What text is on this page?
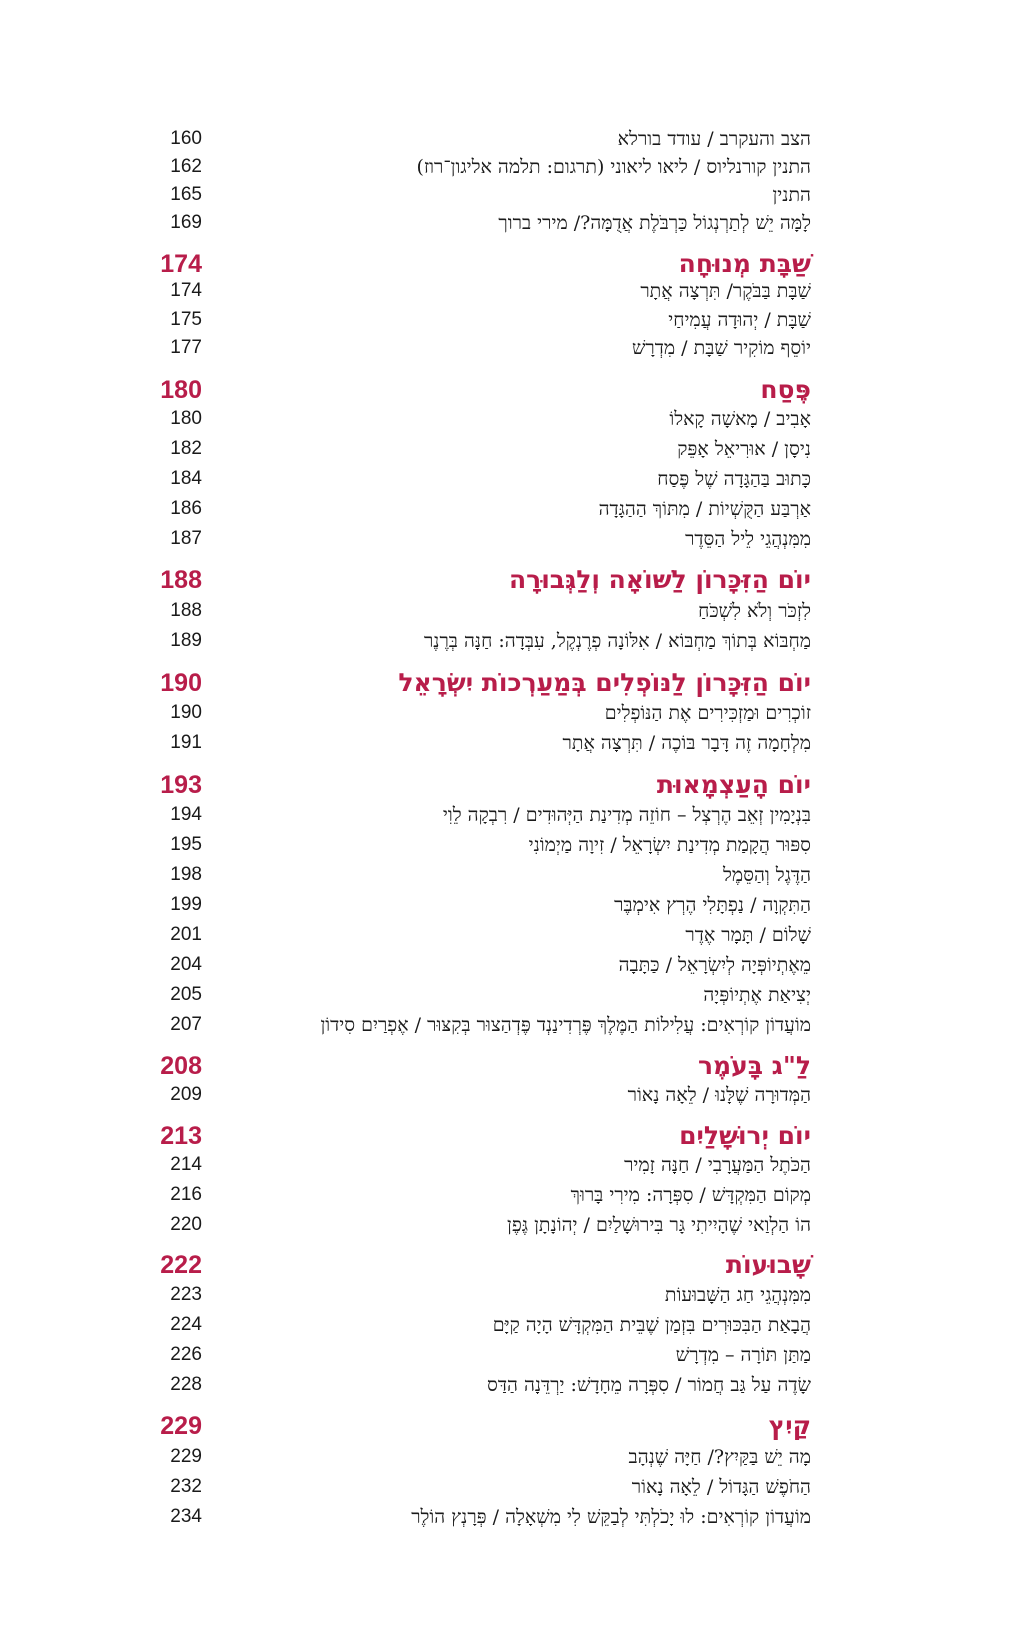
הצב והעקרב / עודד בורלא
160
התנין קורנליוס / ליאו ליאוני (תרגום: תלמה אליגון־רוז)
162
התנין
165
לָמָּה יֵשׁ לְתַרְנְגוֹל כַּרְבֹּלֶת אֲדֻמָּה?/ מירי ברוך
169
שַׁבָּת מְנוּחָה
174
שַׁבָּת בַּבֹּקֶר/ תִּרְצָה אֲתָר
174
שַׁבָּת / יְהוּדָה עֲמִיחַי
175
יוֹסֵף מוֹקִיר שַׁבָּת / מִדְרָשׁ
177
פֶּסַח
180
אָבִיב / מָאשָׁה קָאלוֹ
180
נִיסָן / אוּרִיאֵל אָפֵּק
182
כָּתוּב בַּהַגָּדָה שֶׁל פֶּסַח
184
אַרְבַּע הַקֻּשְׁיוֹת / מִתּוֹךְ הַהַגָּדָה
186
מִמִּנְהֲגֵי לֵיל הַסֵּדֶר
187
יוֹם הַזִּכָּרוֹן לַשּׁוֹאָה וְלַגְּבוּרָה
188
לִזְכֹּר וְלֹא לִשְׁכֹּחַ
188
מַחְבּוֹא בְּתוֹךְ מַחְבּוֹא / אִלּוֹנָה פְרֶנְקֶל, עִבְּדָה: חַנָּה בְּרֶנֶר
189
יוֹם הַזִּכָּרוֹן לַנּוֹפְלִים בְּמַעַרְכוֹת יִשְׂרָאֵל
190
זוֹכְרִים וּמַזְכִּירִים אֶת הַנּוֹפְלִים
190
מִלְחָמָה זֶה דָּבָר בּוֹכֶה / תִּרְצָה אֲתָר
191
יוֹם הָעַצְמָאוּת
193
בִּנְיָמִין זְאֵב הֶרְצְל – חוֹזֵה מְדִינַת הַיְּהוּדִים / רִבְקָה לֵוִי
194
סִפּוּר הֲקָמַת מְדִינַת יִשְׂרָאֵל / זִיוָה מַיְמוֹנִי
195
הַדֶּגֶל וְהַסֵּמֶל
198
הַתִּקְוָה / נַפְתָּלִי הֶרְץ אִימְבֶּר
199
שָׁלוֹם / תָּמָר אֶדֶר
201
מֵאֶתְיוֹפְּיָה לְיִשְׂרָאֵל / כַּתָּבָה
204
יְצִיאַת אֶתְיוֹפְּיָה
205
מוֹעֲדוֹן קוֹרְאִים: עֲלִילוֹת הַמֶּלֶךְ פֶּרְדִינַנְד פֶּדְהַצוּר בְּקִצּוּר / אֶפְרַיִם סִידוֹן
207
לַ"ג בָּעֹמֶר
208
הַמְּדוּרָה שֶׁלָּנוּ / לֵאָה נָאוֹר
209
יוֹם יְרוּשָׁלַיִם
213
הַכֹּתֶל הַמַּעֲרָבִי / חַנָּה זָמִיר
214
מְקוֹם הַמִּקְדָּשׁ / סִפְּרָה: מִירִי בָּרוּךְ
216
הוֹ הַלְוַאי שֶׁהָיִיתִי גָּר בִּירוּשָׁלַיִם / יְהוֹנָתָן גֶּפֶן
220
שָׁבוּעוֹת
222
מִמִּנְהֲגֵי חַג הַשָּׁבוּעוֹת
223
הֲבָאַת הַבִּכּוּרִים בִּזְמַן שֶׁבֵּית הַמִּקְדָּשׁ הָיָה קַיָּם
224
מַתַּן תּוֹרָה – מִדְרָשׁ
226
שָׂדֶה עַל גַּב חֲמוֹר / סִפְּרָה מֵחָדָשׁ: יַרְדֵּנָה הַדַּס
228
קַיִץ
229
מָה יֵשׁ בַּקַּיִץ?/ חַיָּה שֶׁנְהָב
229
הַחֹפֶשׁ הַגָּדוֹל / לֵאָה נָאוֹר
232
מוֹעֲדוֹן קוֹרְאִים: לוּ יָכֹלְתִּי לְבַקֵּשׁ לִי מִשְׁאָלָה / פְּרָנְץ הוֹלֶר
234
